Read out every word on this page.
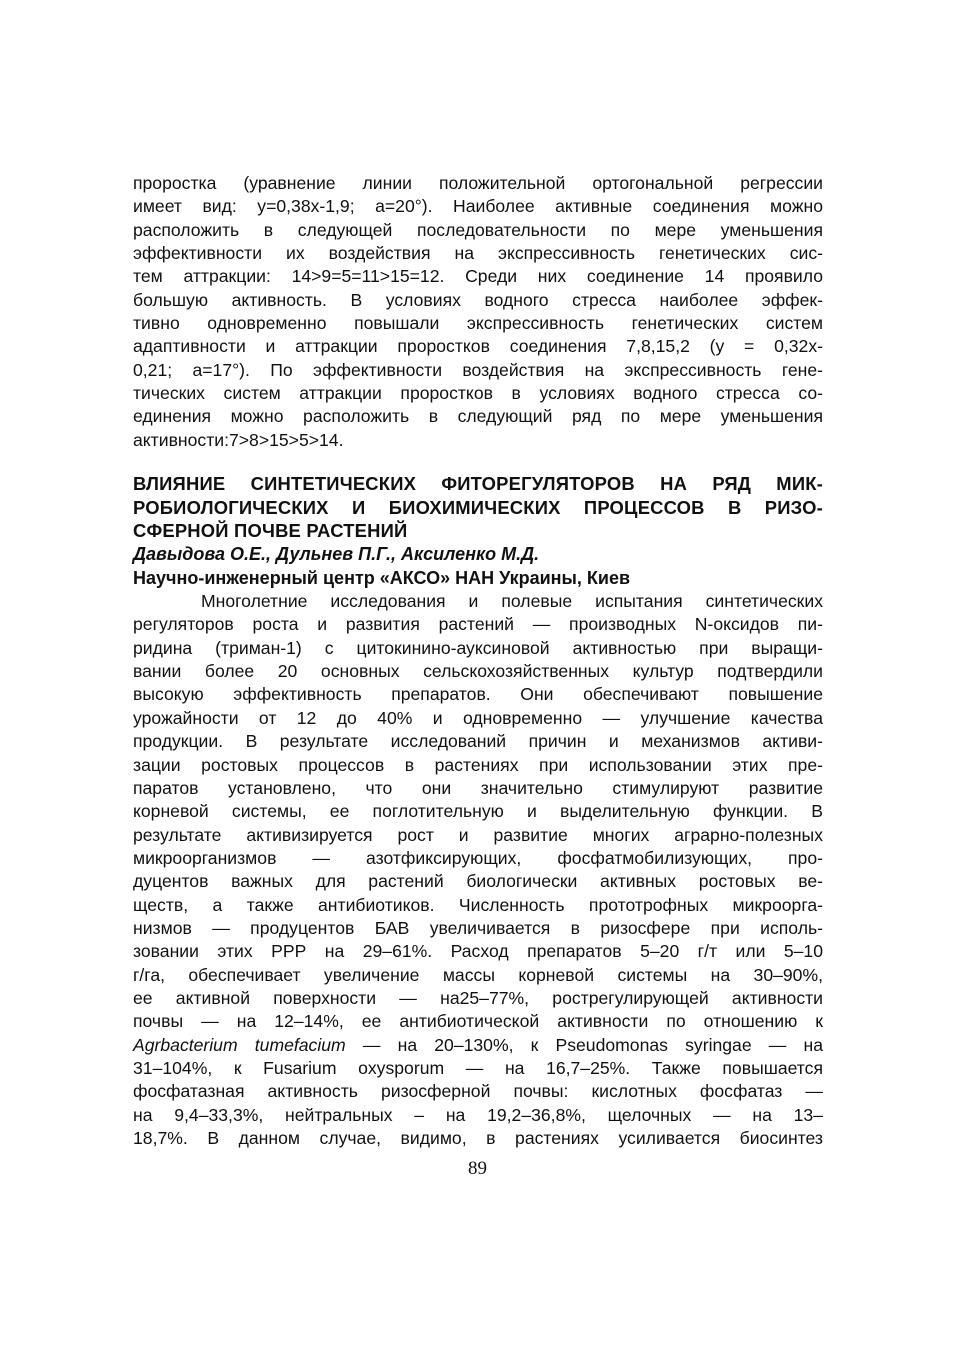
проростка (уравнение линии положительной ортогональной регрессии
имеет вид: y=0,38x-1,9; a=20°). Наиболее активные соединения можно
расположить в следующей последовательности по мере уменьшения
эффективности их воздействия на экспрессивность генетических сис-
тем аттракции: 14>9=5=11>15=12. Среди них соединение 14 проявило
большую активность. В условиях водного стресса наиболее эффек-
тивно одновременно повышали экспрессивность генетических систем
адаптивности и аттракции проростков соединения 7,8,15,2 (y = 0,32x-
0,21; a=17°). По эффективности воздействия на экспрессивность гене-
тических систем аттракции проростков в условиях водного стресса со-
единения можно расположить в следующий ряд по мере уменьшения
активности:7>8>15>5>14.
ВЛИЯНИЕ СИНТЕТИЧЕСКИХ ФИТОРЕГУЛЯТОРОВ НА РЯД МИК-
РОБИОЛОГИЧЕСКИХ И БИОХИМИЧЕСКИХ ПРОЦЕССОВ В РИЗО-
СФЕРНОЙ ПОЧВЕ РАСТЕНИЙ
Давыдова О.Е., Дульнев П.Г., Аксиленко М.Д.
Научно-инженерный центр «АКСО» НАН Украины, Киев
Многолетние исследования и полевые испытания синтетических
регуляторов роста и развития растений — производных N-оксидов пи-
ридина (триман-1) с цитокинино-ауксиновой активностью при выращи-
вании более 20 основных сельскохозяйственных культур подтвердили
высокую эффективность препаратов. Они обеспечивают повышение
урожайности от 12 до 40% и одновременно — улучшение качества
продукции. В результате исследований причин и механизмов активи-
зации ростовых процессов в растениях при использовании этих пре-
паратов установлено, что они значительно стимулируют развитие
корневой системы, ее поглотительную и выделительную функции. В
результате активизируется рост и развитие многих аграрно-полезных
микроорганизмов — азотфиксирующих, фосфатмобилизующих, про-
дуцентов важных для растений биологически активных ростовых ве-
ществ, а также антибиотиков. Численность прототрофных микроорга-
низмов — продуцентов БАВ увеличивается в ризосфере при исполь-
зовании этих РРР на 29–61%. Расход препаратов 5–20 г/т или 5–10
г/га, обеспечивает увеличение массы корневой системы на 30–90%,
ее активной поверхности — на25–77%, рострегулирующей активности
почвы — на 12–14%, ее антибиотической активности по отношению к
Agrbacterium tumefacium — на 20–130%, к Pseudomonas syringae — на
31–104%, к Fusarium oxysporum — на 16,7–25%. Также повышается
фосфатазная активность ризосферной почвы: кислотных фосфатаз —
на 9,4–33,3%, нейтральных – на 19,2–36,8%, щелочных — на 13–
18,7%. В данном случае, видимо, в растениях усиливается биосинтез
89
